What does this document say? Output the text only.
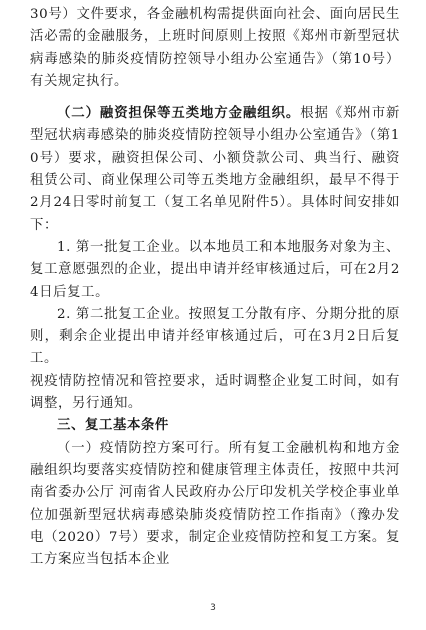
30号）文件要求，各金融机构需提供面向社会、面向居民生活必需的金融服务，上班时间原则上按照《郑州市新型冠状病毒感染的肺炎疫情防控领导小组办公室通告》（第10号）有关规定执行。

（二）融资担保等五类地方金融组织。根据《郑州市新型冠状病毒感染的肺炎疫情防控领导小组办公室通告》（第10号）要求，融资担保公司、小额贷款公司、典当行、融资租赁公司、商业保理公司等五类地方金融组织，最早不得于2月24日零时前复工（复工名单见附件5）。具体时间安排如下：

1. 第一批复工企业。以本地员工和本地服务对象为主、复工意愿强烈的企业，提出申请并经审核通过后，可在2月24日后复工。

2. 第二批复工企业。按照复工分散有序、分期分批的原则，剩余企业提出申请并经审核通过后，可在3月2日后复工。

视疫情防控情况和管控要求，适时调整企业复工时间，如有调整，另行通知。

三、复工基本条件

（一）疫情防控方案可行。所有复工金融机构和地方金融组织均要落实疫情防控和健康管理主体责任，按照中共河南省委办公厅 河南省人民政府办公厅印发机关学校企事业单位加强新型冠状病毒感染肺炎疫情防控工作指南》（豫办发电（2020）7号）要求，制定企业疫情防控和复工方案。复工方案应当包括本企业

3
